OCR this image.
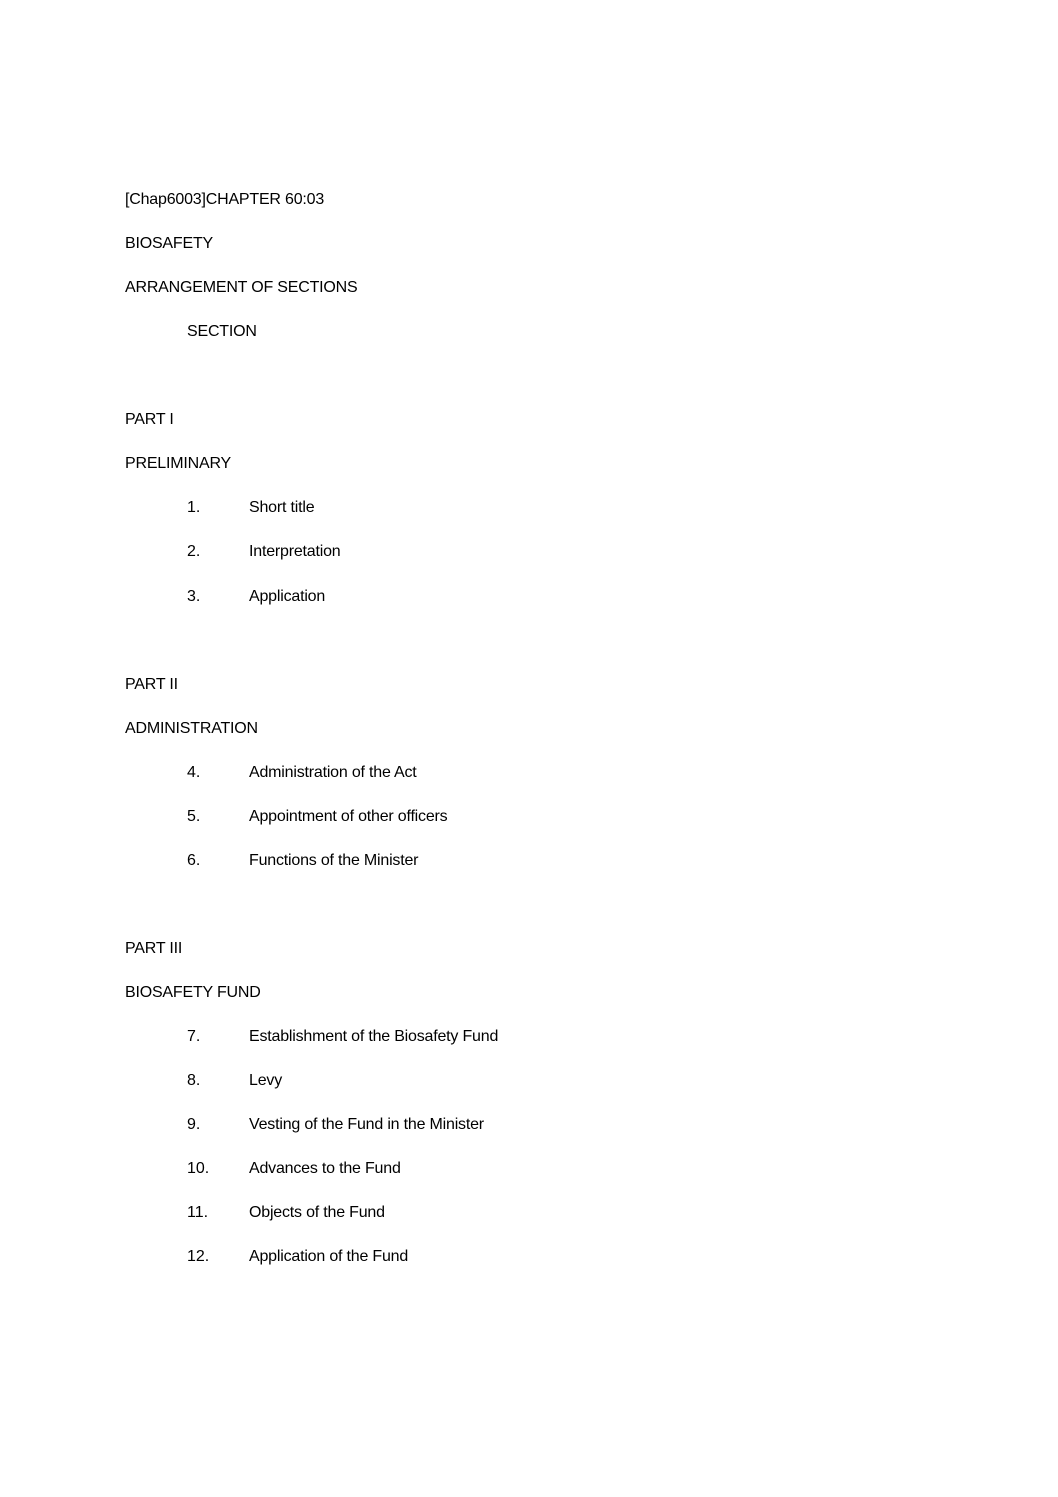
[Chap6003]CHAPTER 60:03
BIOSAFETY
ARRANGEMENT OF SECTIONS
SECTION
PART I
PRELIMINARY
1.	Short title
2.	Interpretation
3.	Application
PART II
ADMINISTRATION
4.	Administration of the Act
5.	Appointment of other officers
6.	Functions of the Minister
PART III
BIOSAFETY FUND
7.	Establishment of the Biosafety Fund
8.	Levy
9.	Vesting of the Fund in the Minister
10. Advances to the Fund
11.	Objects of the Fund
12. Application of the Fund
